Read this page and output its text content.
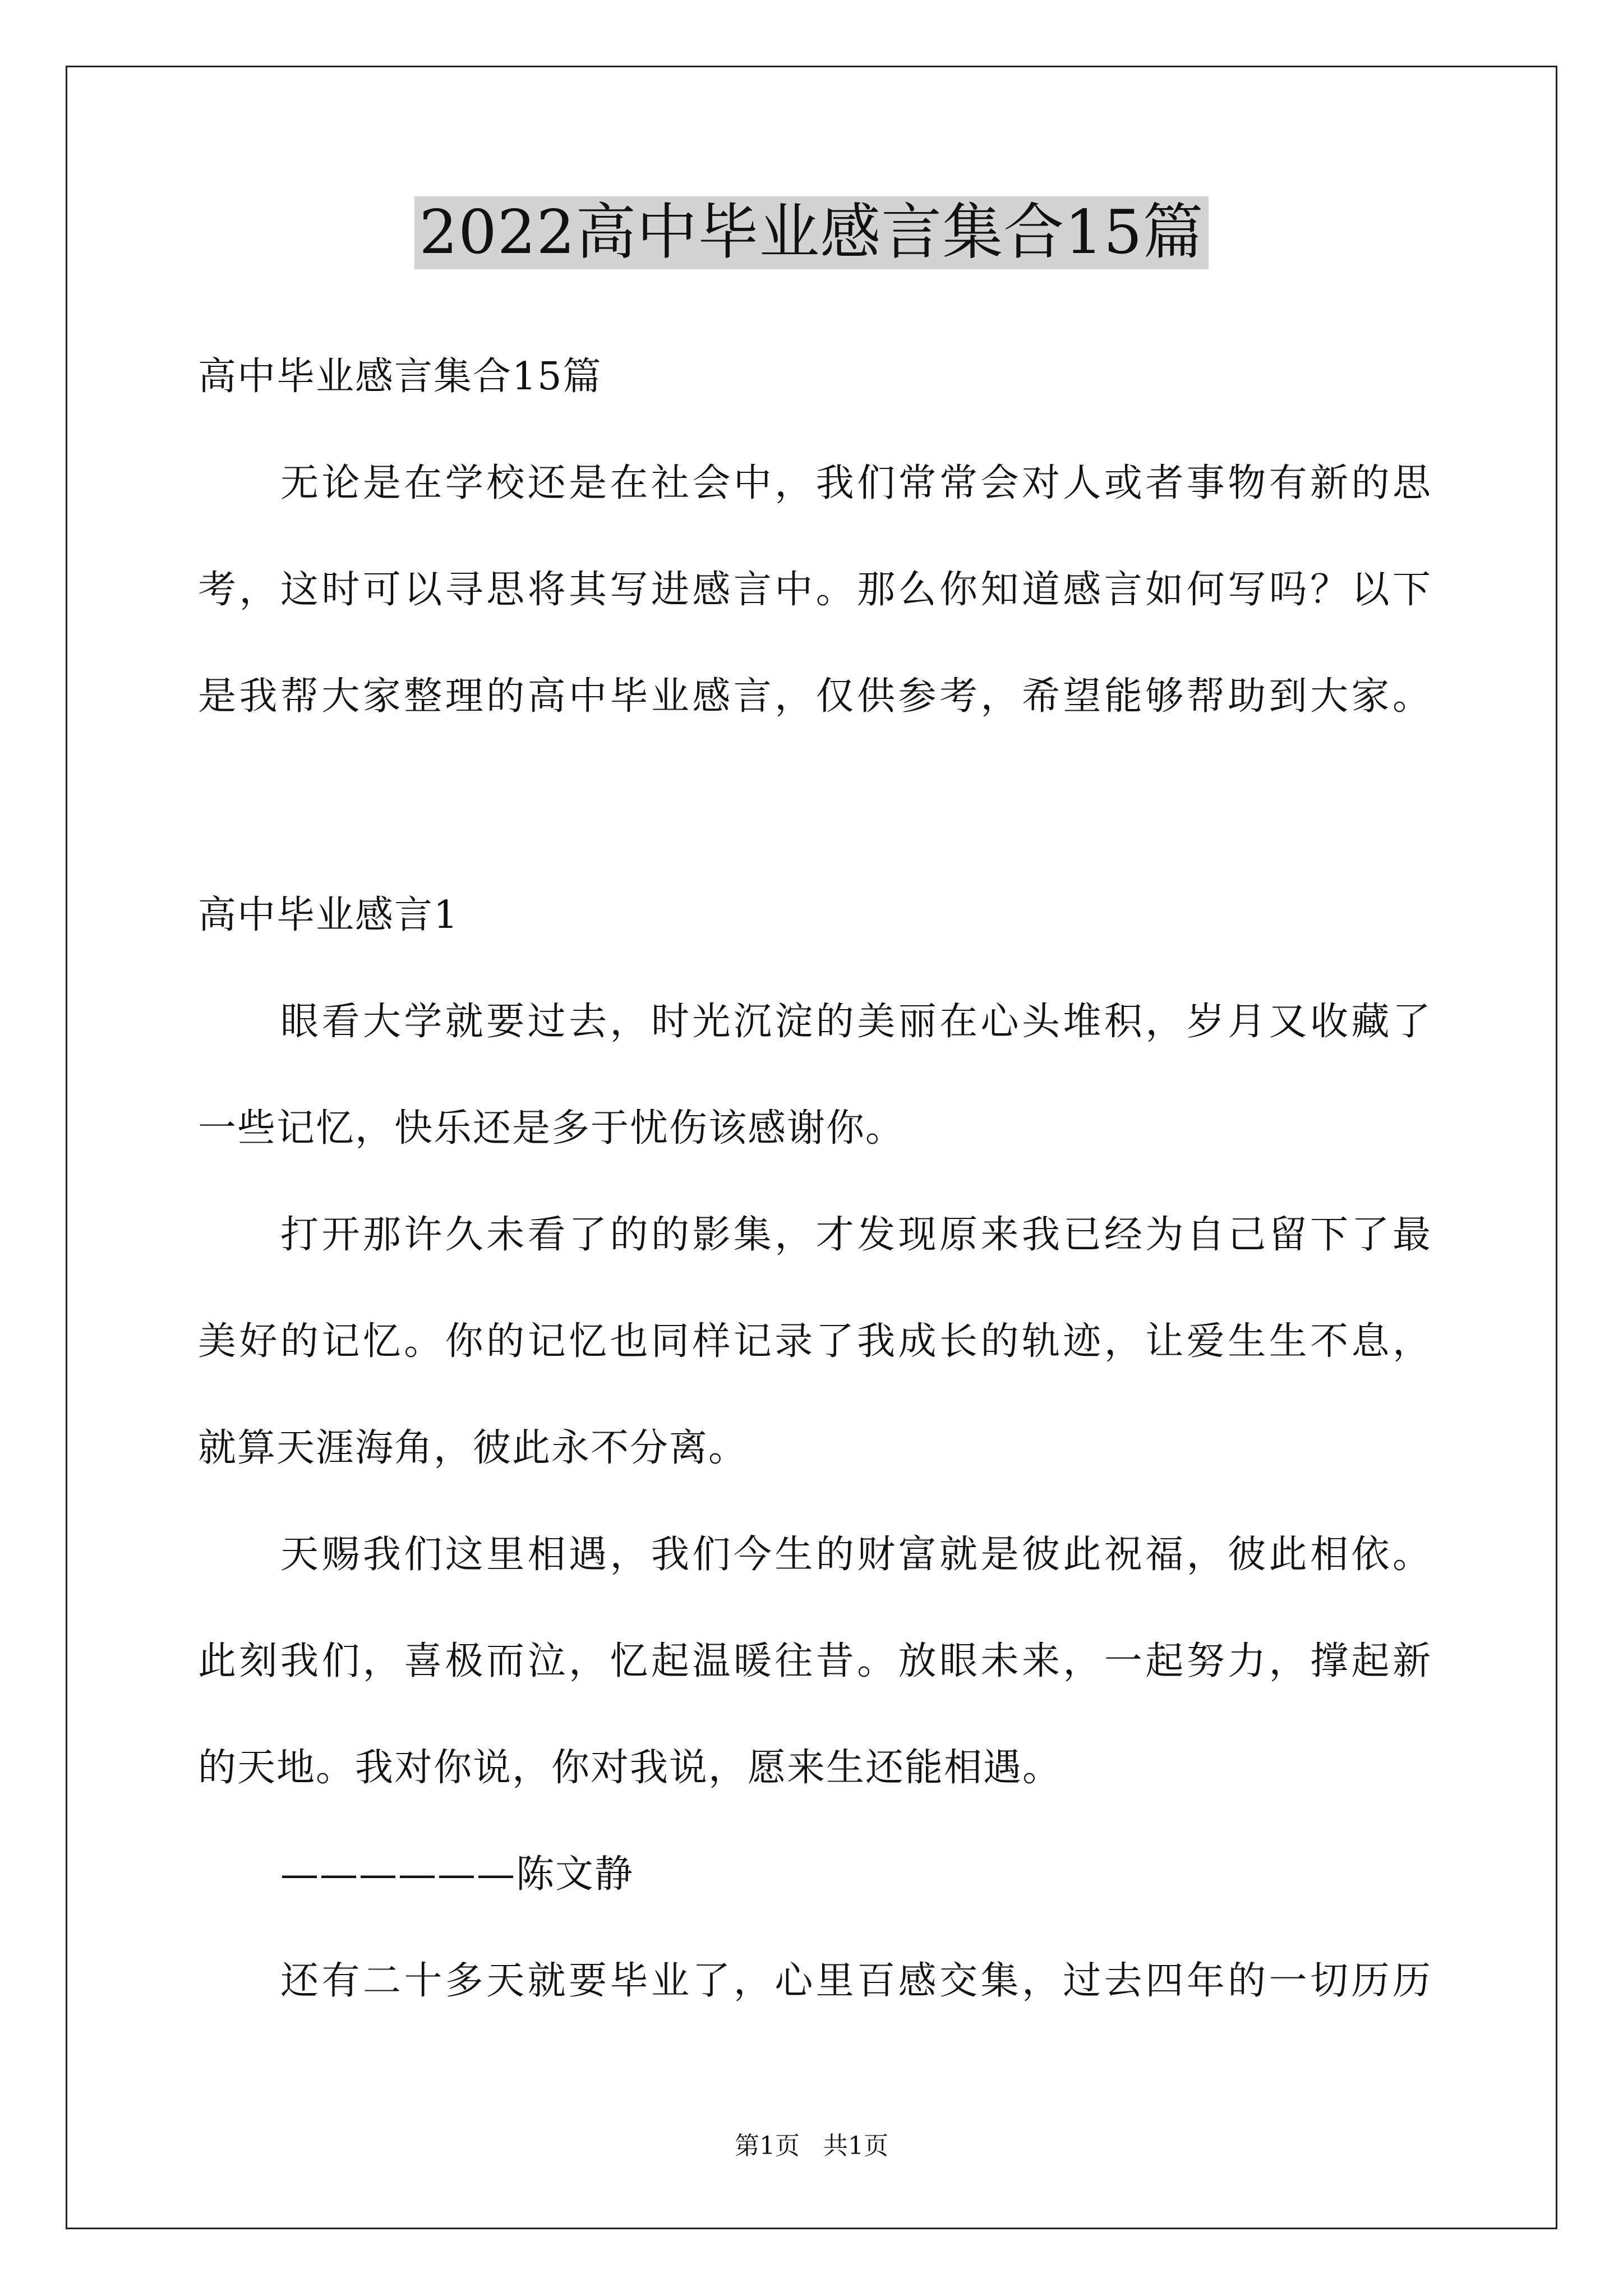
2022高中毕业感言集合15篇
高中毕业感言集合15篇
无论是在学校还是在社会中，我们常常会对人或者事物有新的思
考，这时可以寻思将其写进感言中。那么你知道感言如何写吗？以下
是我帮大家整理的高中毕业感言，仅供参考，希望能够帮助到大家。
高中毕业感言1
眼看大学就要过去，时光沉淀的美丽在心头堆积，岁月又收藏了
一些记忆，快乐还是多于忧伤该感谢你。
打开那许久未看了的的影集，才发现原来我已经为自己留下了最
美好的记忆。你的记忆也同样记录了我成长的轨迹，让爱生生不息，
就算天涯海角，彼此永不分离。
天赐我们这里相遇，我们今生的财富就是彼此祝福，彼此相依。
此刻我们，喜极而泣，忆起温暖往昔。放眼未来，一起努力，撑起新
的天地。我对你说，你对我说，愿来生还能相遇。
——————陈文静
还有二十多天就要毕业了，心里百感交集，过去四年的一切历历
第1页   共1页
